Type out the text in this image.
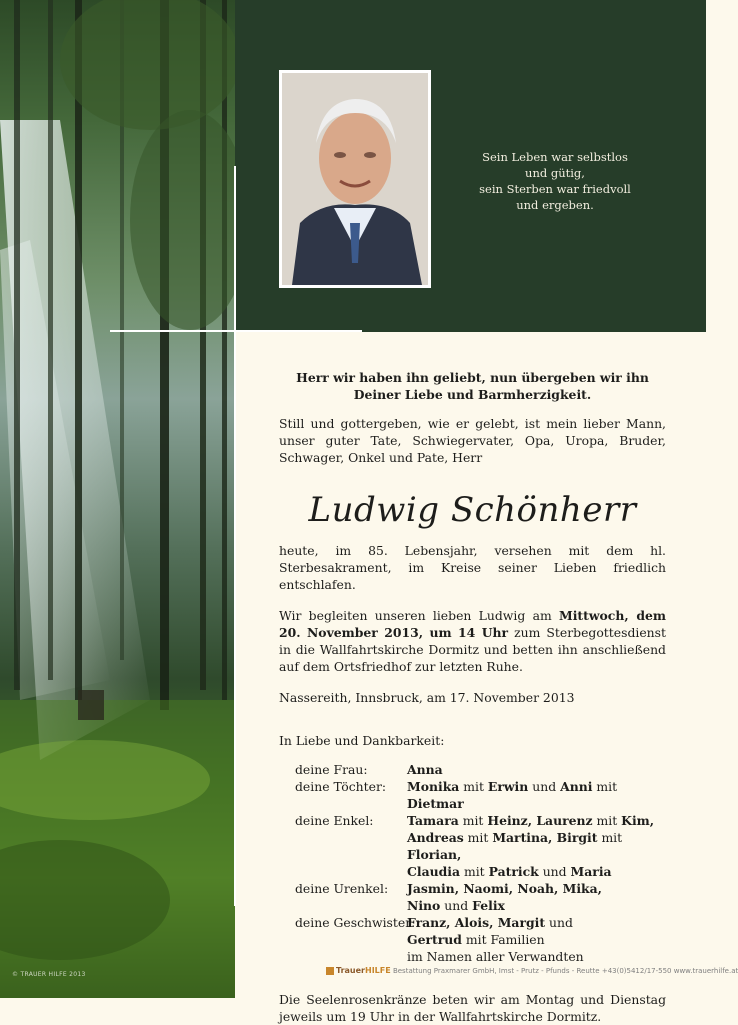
© TRAUER HILFE 2013
Sein Leben war selbstlos
und gütig,
sein Sterben war friedvoll
und ergeben.

Herr wir haben ihn geliebt, nun übergeben wir ihn
Deiner Liebe und Barmherzigkeit.

Still und gottergeben, wie er gelebt, ist mein lieber Mann, unser guter Tate, Schwiegervater, Opa, Uropa, Bruder, Schwager, Onkel und Pate, Herr

Ludwig Schönherr

heute, im 85. Lebensjahr, versehen mit dem hl. Sterbesakrament, im Kreise seiner Lieben friedlich entschlafen.

Wir begleiten unseren lieben Ludwig am Mittwoch, dem 20. November 2013, um 14 Uhr zum Sterbegottesdienst in die Wallfahrtskirche Dormitz und betten ihn anschließend auf dem Ortsfriedhof zur letzten Ruhe.

Nassereith, Innsbruck, am 17. November 2013

In Liebe und Dankbarkeit:

deine Frau:	Anna
deine Töchter:	Monika mit Erwin und Anni mit Dietmar
deine Enkel:	Tamara mit Heinz, Laurenz mit Kim,
Andreas mit Martina, Birgit mit Florian,
Claudia mit Patrick und Maria
deine Urenkel:	Jasmin, Naomi, Noah, Mika,
Nino und Felix
deine Geschwister:
Franz, Alois, Margit und
Gertrud mit Familien
im Namen aller Verwandten

Die Seelenrosenkränze beten wir am Montag und Dienstag jeweils um 19 Uhr in der Wallfahrtskirche Dormitz.

TrauerHILFE Bestattung Praxmarer GmbH, Imst - Prutz - Pfunds - Reutte +43(0)5412/17-550 www.trauerhilfe.at
